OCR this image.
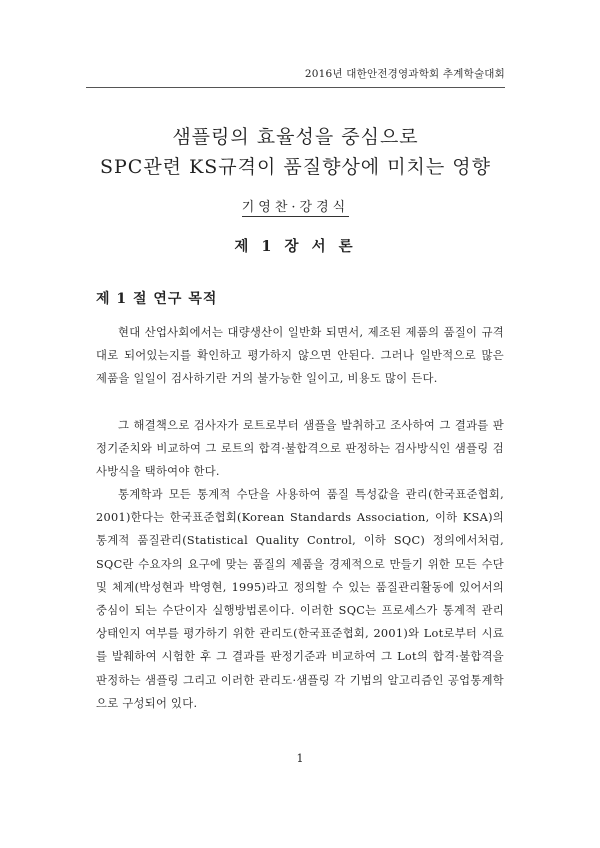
2016년 대한안전경영과학회 추계학술대회
샘플링의 효율성을 중심으로
SPC관련 KS규격이 품질향상에 미치는 영향
기영찬·강경식
제 1 장 서 론
제 1 절 연구 목적
현대 산업사회에서는 대량생산이 일반화 되면서, 제조된 제품의 품질이 규격대로 되어있는지를 확인하고 평가하지 않으면 안된다. 그러나 일반적으로 많은 제품을 일일이 검사하기란 거의 불가능한 일이고, 비용도 많이 든다.
그 해결책으로 검사자가 로트로부터 샘플을 발취하고 조사하여 그 결과를 판정기준치와 비교하여 그 로트의 합격·불합격으로 판정하는 검사방식인 샘플링 검사방식을 택하여야 한다.
통계학과 모든 통계적 수단을 사용하여 품질 특성값을 관리(한국표준협회, 2001)한다는 한국표준협회(Korean Standards Association, 이하 KSA)의 통계적 품질관리(Statistical Quality Control, 이하 SQC) 정의에서처럼, SQC란 수요자의 요구에 맞는 품질의 제품을 경제적으로 만들기 위한 모든 수단 및 체계(박성현과 박영현, 1995)라고 정의할 수 있는 품질관리활동에 있어서의 중심이 되는 수단이자 실행방법론이다. 이러한 SQC는 프로세스가 통계적 관리 상태인지 여부를 평가하기 위한 관리도(한국표준협회, 2001)와 Lot로부터 시료를 발췌하여 시험한 후 그 결과를 판정기준과 비교하여 그 Lot의 합격·불합격을 판정하는 샘플링 그리고 이러한 관리도·샘플링 각 기법의 알고리즘인 공업통계학으로 구성되어 있다.
1
